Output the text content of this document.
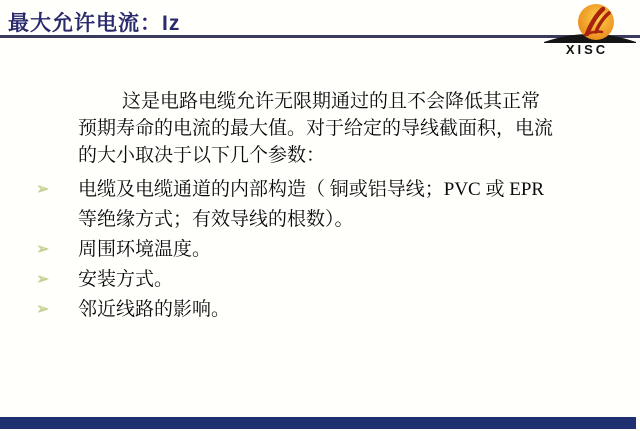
最大允许电流：Iz
XISC

这是电路电缆允许无限期通过的且不会降低其正常预期寿命的电流的最大值。对于给定的导线截面积，电流的大小取决于以下几个参数：

➢	电缆及电缆通道的内部构造（ 铜或铝导线；PVC 或 EPR 等绝缘方式；有效导线的根数）。
➢	周围环境温度。
➢	安装方式。
➢	邻近线路的影响。
